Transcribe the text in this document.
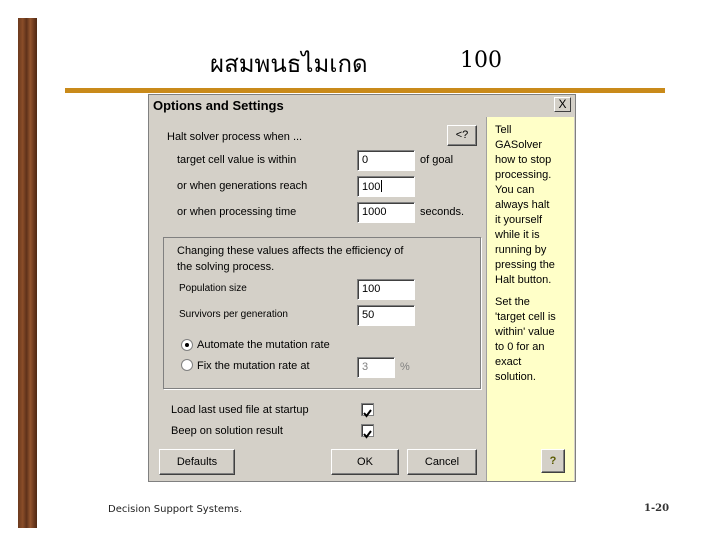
ผสมพนธไมเกด	100
Options and Settings	X
Halt solver process when ...	<?
target cell value is within	0	of goal
or when generations reach	100
or when processing time	1000	seconds.
Changing these values affects the efficiency of
the solving process.
Population size	100
Survivors per generation	50
Automate the mutation rate
Fix the mutation rate at	3	%
Load last used file at startup
Beep on solution result
Defaults	OK	Cancel
Tell
GASolver
how to stop
processing.
You can
always halt
it yourself
while it is
running by
pressing the
Halt button.
Set the
'target cell is
within' value
to 0 for an
exact
solution.
?
Decision Support Systems.	1-20
